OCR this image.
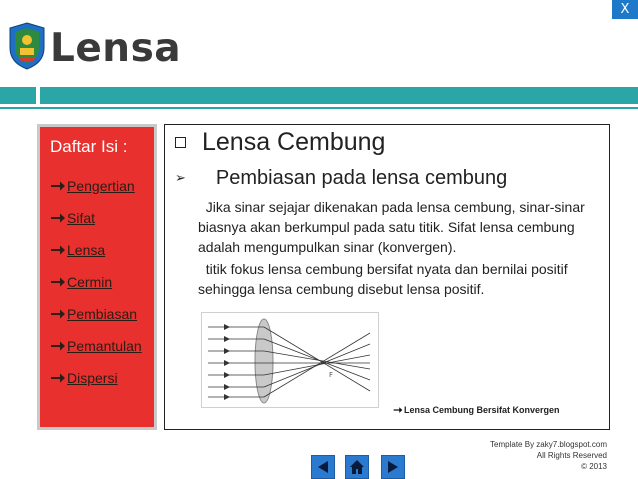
X
Lensa
Daftar Isi :
Pengertian
Sifat
Lensa
Cermin
Pembiasan
Pemantulan
Dispersi
Lensa Cembung
➢ Pembiasan pada lensa cembung
Jika sinar sejajar dikenakan pada lensa cembung, sinar-sinar biasnya akan berkumpul pada satu titik. Sifat lensa cembung adalah mengumpulkan sinar (konvergen).
titik fokus lensa cembung bersifat nyata dan bernilai positif sehingga lensa cembung disebut lensa positif.
F
Lensa Cembung Bersifat Konvergen
Template By zaky7.blogspot.com
All Rights Reserved
© 2013
